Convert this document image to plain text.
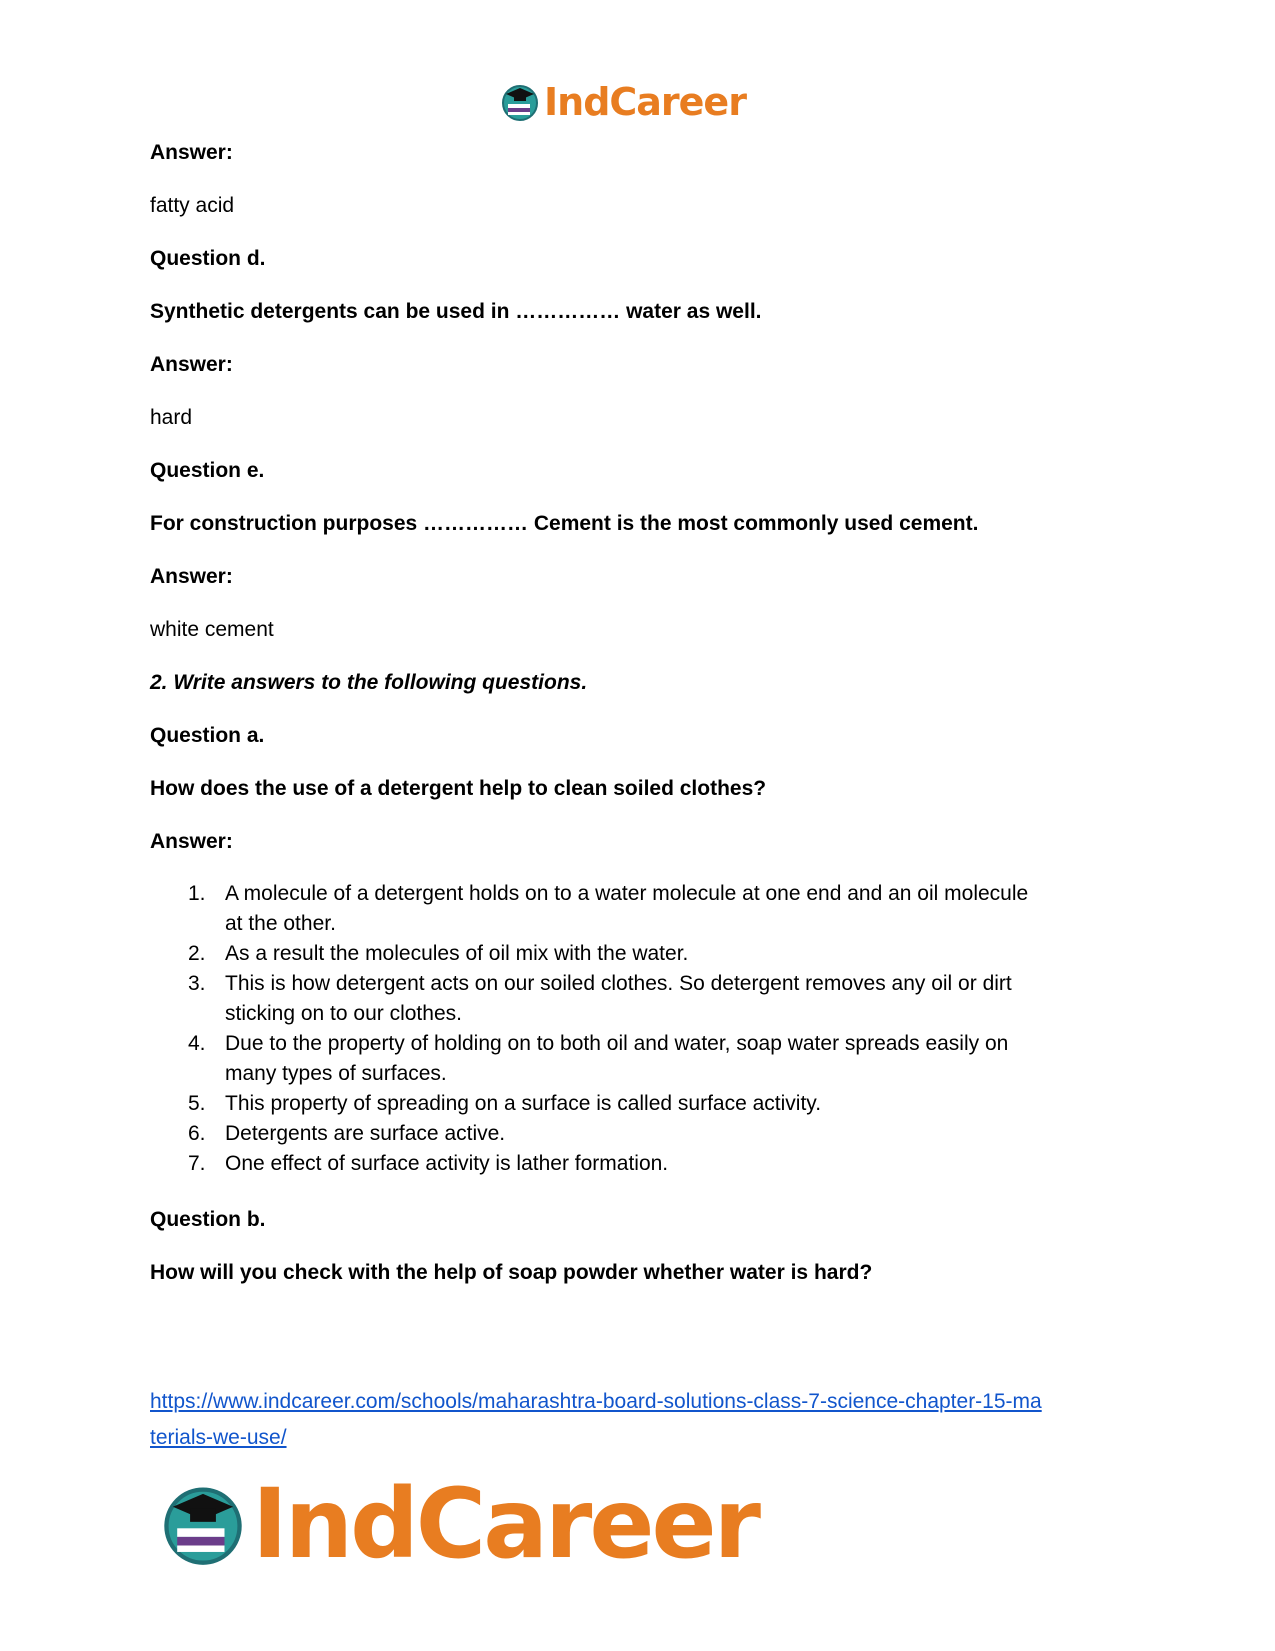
IndCareer

Answer:

fatty acid

Question d.

Synthetic detergents can be used in …………… water as well.

Answer:

hard

Question e.

For construction purposes …………… Cement is the most commonly used cement.

Answer:

white cement

2. Write answers to the following questions.

Question a.

How does the use of a detergent help to clean soiled clothes?

Answer:

1. A molecule of a detergent holds on to a water molecule at one end and an oil molecule
at the other.
2. As a result the molecules of oil mix with the water.
3. This is how detergent acts on our soiled clothes. So detergent removes any oil or dirt
sticking on to our clothes.
4. Due to the property of holding on to both oil and water, soap water spreads easily on
many types of surfaces.
5. This property of spreading on a surface is called surface activity.
6. Detergents are surface active.
7. One effect of surface activity is lather formation.

Question b.

How will you check with the help of soap powder whether water is hard?

https://www.indcareer.com/schools/maharashtra-board-solutions-class-7-science-chapter-15-ma
terials-we-use/
IndCareer
